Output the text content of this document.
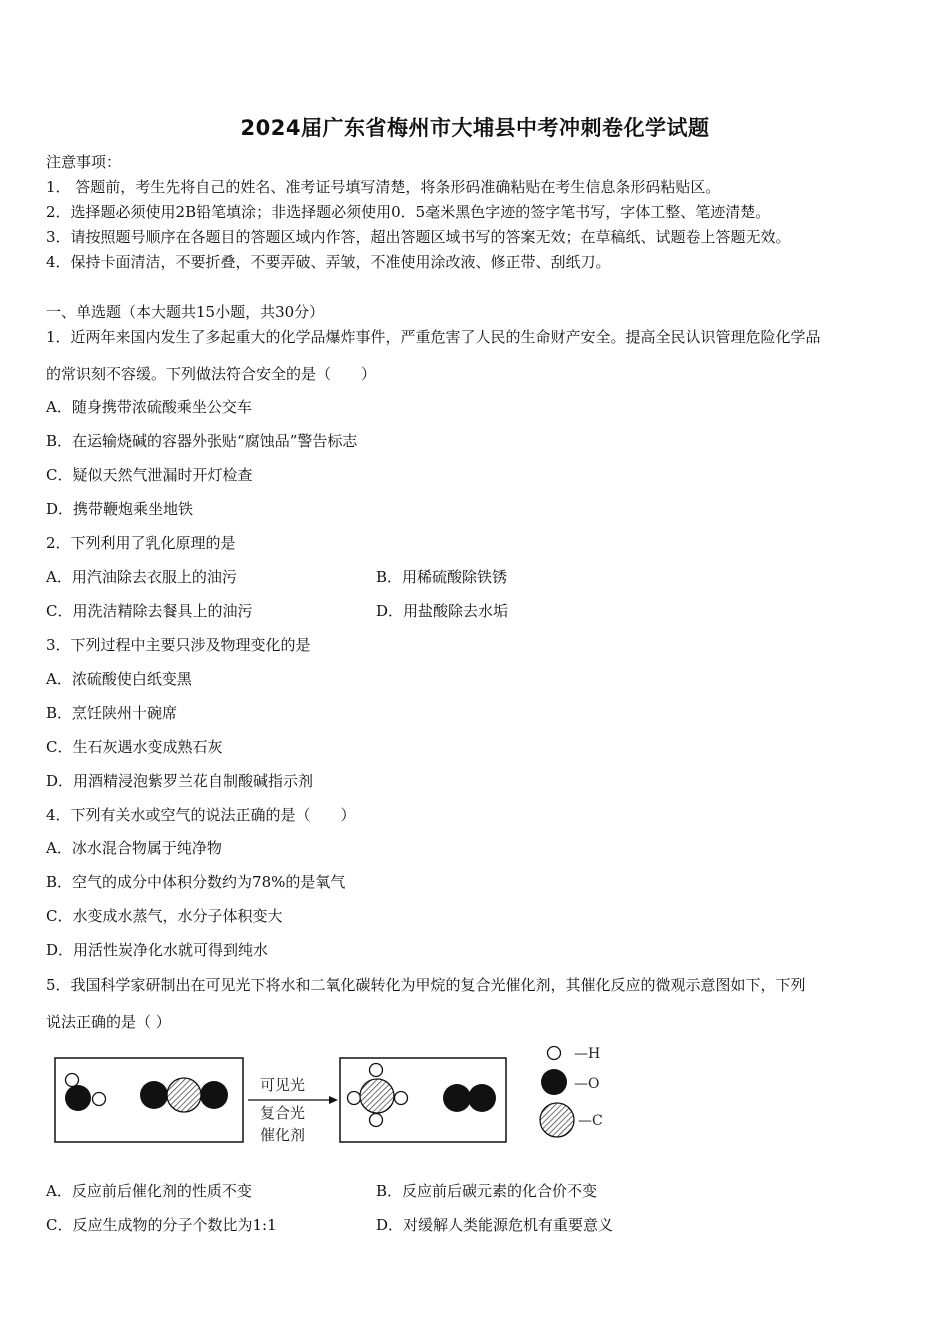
2024届广东省梅州市大埔县中考冲刺卷化学试题
注意事项：
1． 答题前，考生先将自己的姓名、准考证号填写清楚，将条形码准确粘贴在考生信息条形码粘贴区。
2．选择题必须使用2B铅笔填涂；非选择题必须使用0．5毫米黑色字迹的签字笔书写，字体工整、笔迹清楚。
3．请按照题号顺序在各题目的答题区域内作答，超出答题区域书写的答案无效；在草稿纸、试题卷上答题无效。
4．保持卡面清洁，不要折叠，不要弄破、弄皱，不准使用涂改液、修正带、刮纸刀。
一、单选题（本大题共15小题，共30分）
1．近两年来国内发生了多起重大的化学品爆炸事件，严重危害了人民的生命财产安全。提高全民认识管理危险化学品
的常识刻不容缓。下列做法符合安全的是（　　）
A．随身携带浓硫酸乘坐公交车
B．在运输烧碱的容器外张贴“腐蚀品”警告标志
C．疑似天然气泄漏时开灯检查
D．携带鞭炮乘坐地铁
2．下列利用了乳化原理的是
A．用汽油除去衣服上的油污	B．用稀硫酸除铁锈
C．用洗洁精除去餐具上的油污	D．用盐酸除去水垢
3．下列过程中主要只涉及物理变化的是
A．浓硫酸使白纸变黑
B．烹饪陕州十碗席
C．生石灰遇水变成熟石灰
D．用酒精浸泡紫罗兰花自制酸碱指示剂
4．下列有关水或空气的说法正确的是（　　）
A．冰水混合物属于纯净物
B．空气的成分中体积分数约为78%的是氧气
C．水变成水蒸气，水分子体积变大
D．用活性炭净化水就可得到纯水
5．我国科学家研制出在可见光下将水和二氧化碳转化为甲烷的复合光催化剂，其催化反应的微观示意图如下，下列
说法正确的是（ ）
可见光
复合光
催化剂
—H
—O
—C
A．反应前后催化剂的性质不变	B．反应前后碳元素的化合价不变
C．反应生成物的分子个数比为1:1	D．对缓解人类能源危机有重要意义
